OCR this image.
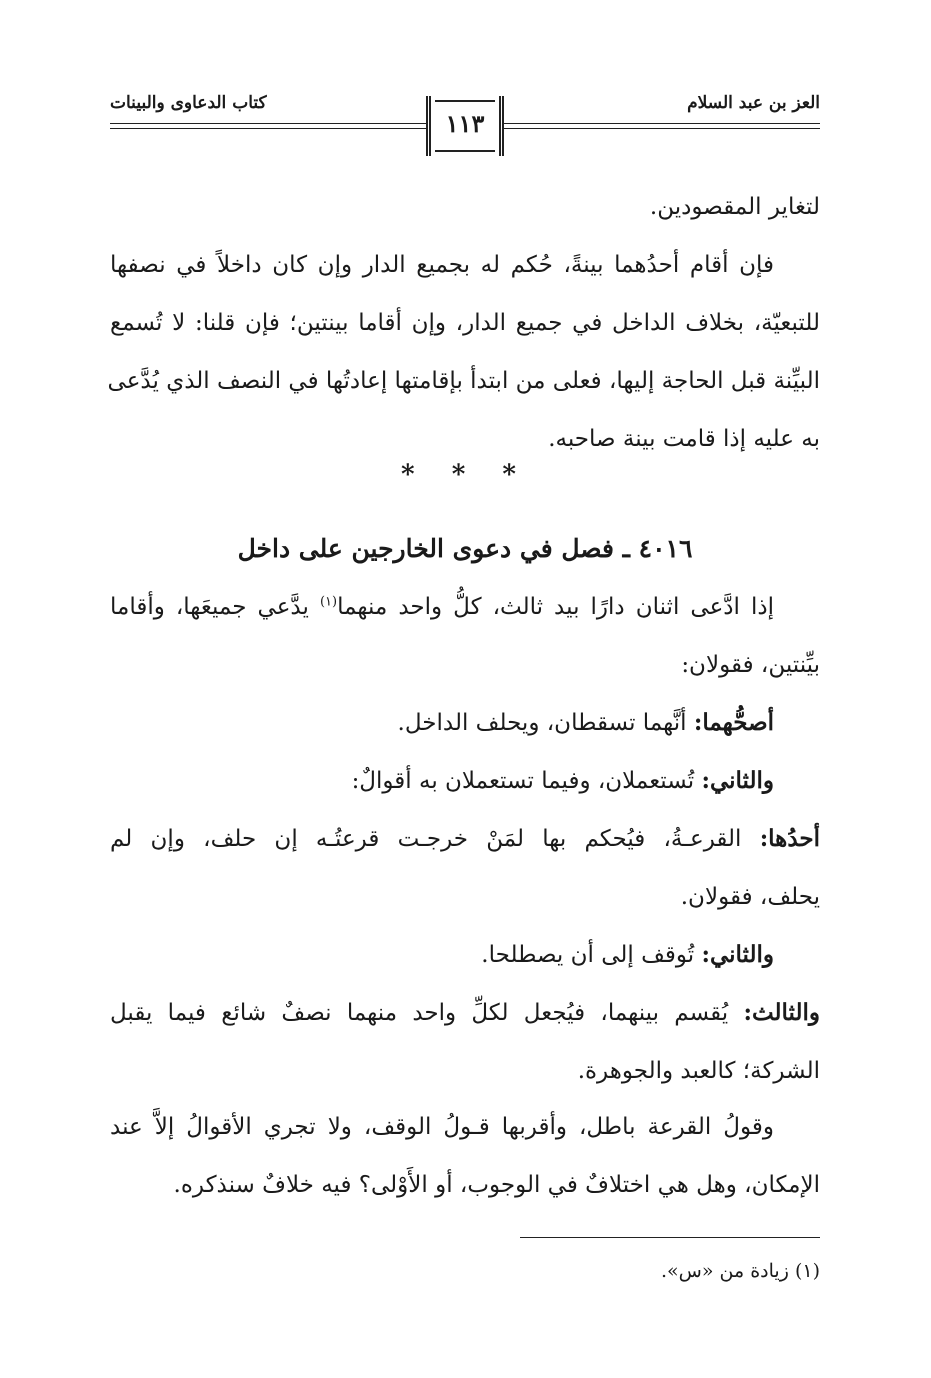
العز بن عبد السلام
كتاب الدعاوى والبينات
١١٣
لتغاير المقصودين.
فإن أقام أحدُهما بينةً، حُكم له بجميع الدار وإن كان داخلاً في نصفها
للتبعيّة، بخلاف الداخل في جميع الدار، وإن أقاما بينتين؛ فإن قلنا: لا تُسمع
البيِّنة قبل الحاجة إليها، فعلى من ابتدأ بإقامتها إعادتُها في النصف الذي يُدَّعى
به عليه إذا قامت بينة صاحبه.
* * *
٤٠١٦ ـ فصل في دعوى الخارجين على داخل
إذا ادَّعى اثنان دارًا بيد ثالث، كلُّ واحد منهما$^{(١)}$ يدَّعي جميعَها، وأقاما
بيِّنتين، فقولان:
أصحُّهما: أنَّهما تسقطان، ويحلف الداخل.
والثاني: تُستعملان، وفيما تستعملان به أقوالٌ:
أحدُها: القرعـةُ، فيُحكم بها لمَنْ خرجـت قرعتُـه إن حلف، وإن لم
يحلف، فقولان.
والثاني: تُوقف إلى أن يصطلحا.
والثالث: يُقسم بينهما، فيُجعل لكلِّ واحد منهما نصفٌ شائع فيما يقبل
الشركة؛ كالعبد والجوهرة.
وقولُ القرعة باطل، وأقربها قـولُ الوقف، ولا تجري الأقوالُ إلاَّ عند
الإمكان، وهل هي اختلافٌ في الوجوب، أو الأَوْلى؟ فيه خلافٌ سنذكره.
(١) زيادة من «س».
